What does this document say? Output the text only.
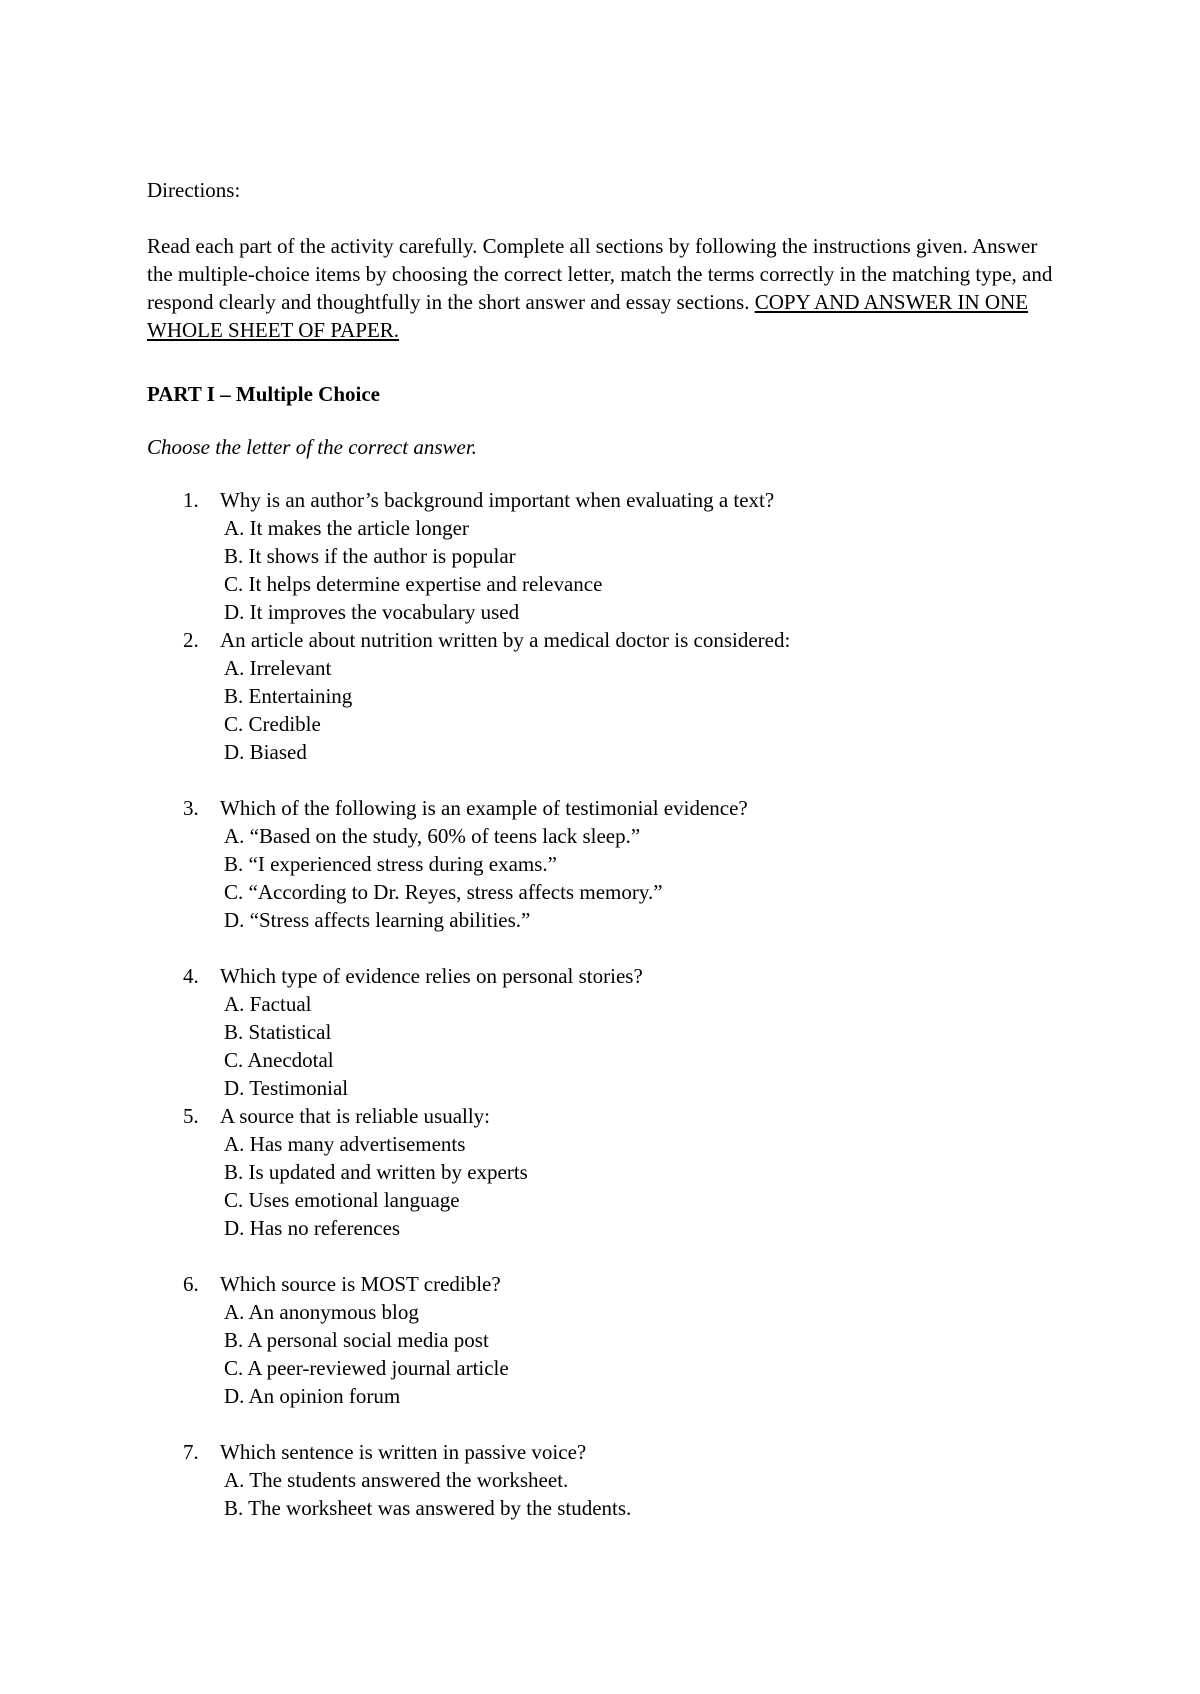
Directions:

Read each part of the activity carefully. Complete all sections by following the instructions given. Answer the multiple-choice items by choosing the correct letter, match the terms correctly in the matching type, and respond clearly and thoughtfully in the short answer and essay sections. COPY AND ANSWER IN ONE WHOLE SHEET OF PAPER.

PART I – Multiple Choice

Choose the letter of the correct answer.

1. Why is an author’s background important when evaluating a text?
A. It makes the article longer
B. It shows if the author is popular
C. It helps determine expertise and relevance
D. It improves the vocabulary used
2. An article about nutrition written by a medical doctor is considered:
A. Irrelevant
B. Entertaining
C. Credible
D. Biased
3. Which of the following is an example of testimonial evidence?
A. “Based on the study, 60% of teens lack sleep.”
B. “I experienced stress during exams.”
C. “According to Dr. Reyes, stress affects memory.”
D. “Stress affects learning abilities.”
4. Which type of evidence relies on personal stories?
A. Factual
B. Statistical
C. Anecdotal
D. Testimonial
5. A source that is reliable usually:
A. Has many advertisements
B. Is updated and written by experts
C. Uses emotional language
D. Has no references
6. Which source is MOST credible?
A. An anonymous blog
B. A personal social media post
C. A peer-reviewed journal article
D. An opinion forum
7. Which sentence is written in passive voice?
A. The students answered the worksheet.
B. The worksheet was answered by the students.
